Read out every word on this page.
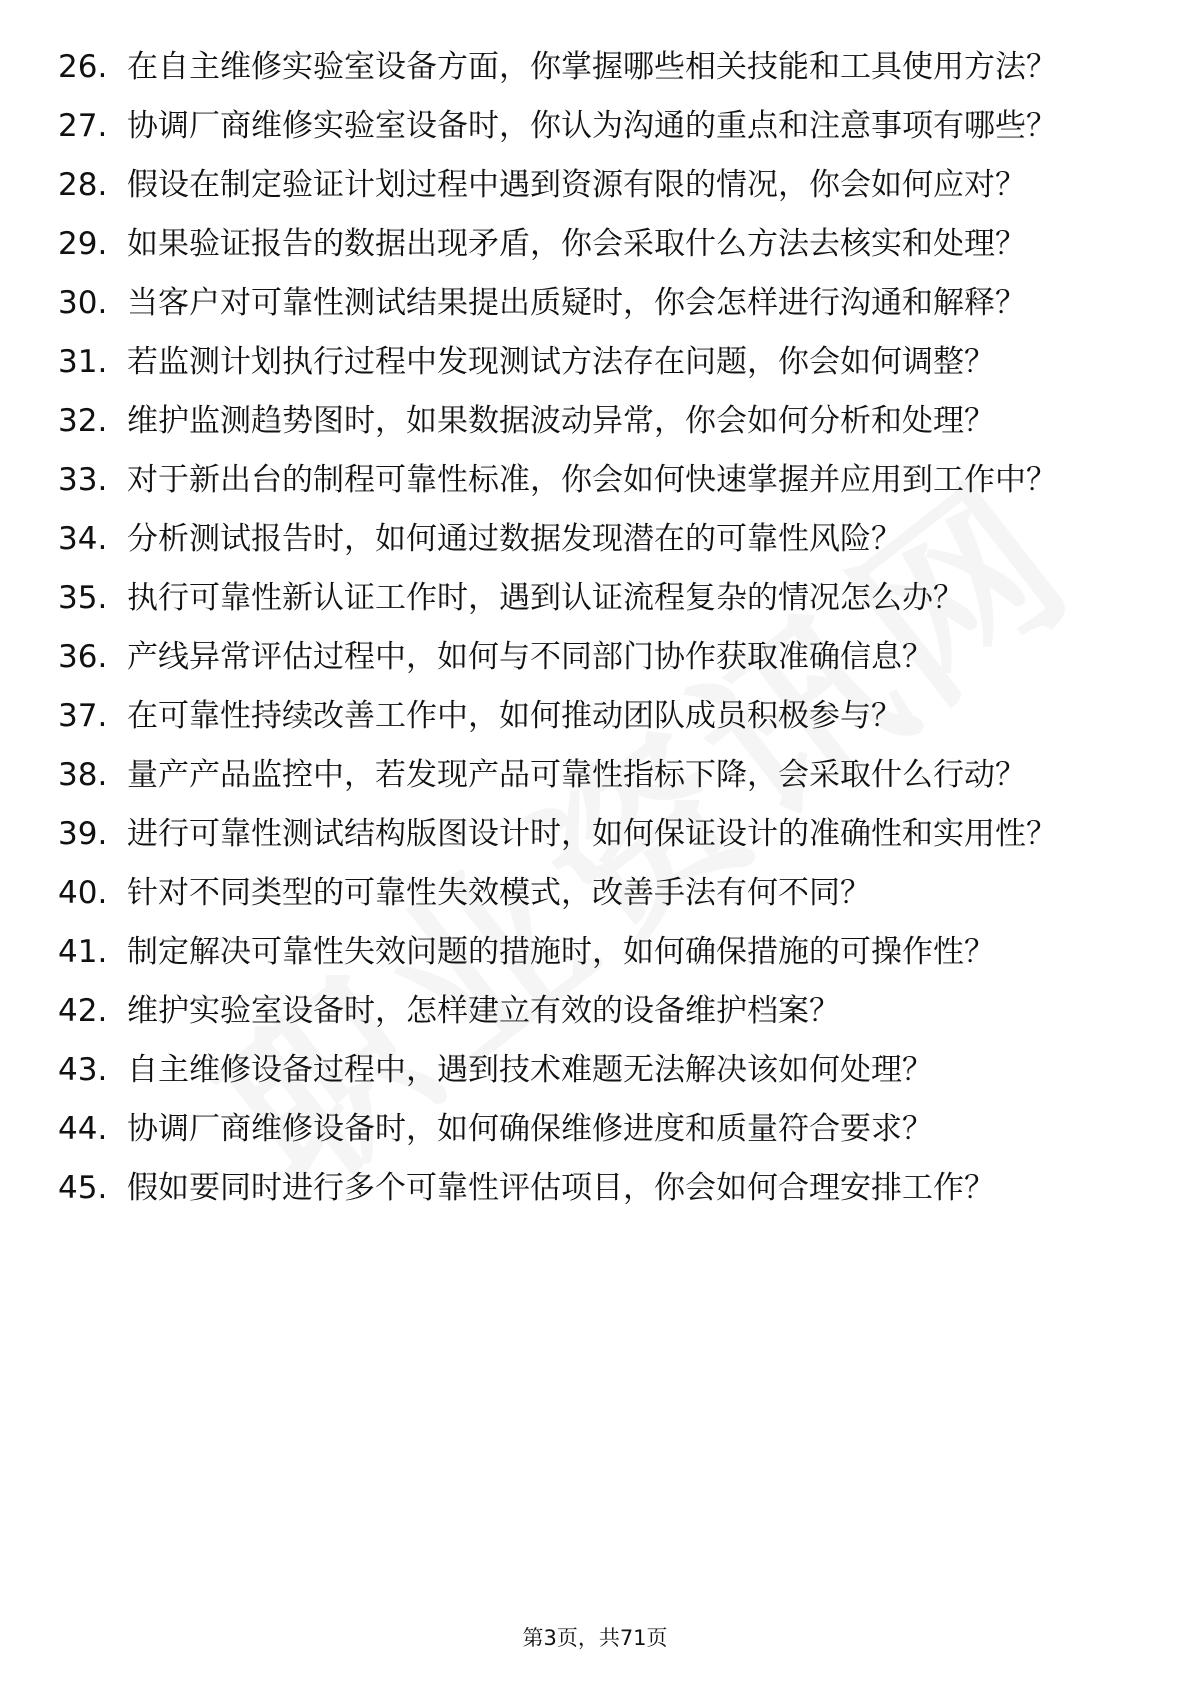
26. 在自主维修实验室设备方面，你掌握哪些相关技能和工具使用方法？
27. 协调厂商维修实验室设备时，你认为沟通的重点和注意事项有哪些？
28. 假设在制定验证计划过程中遇到资源有限的情况，你会如何应对？
29. 如果验证报告的数据出现矛盾，你会采取什么方法去核实和处理？
30. 当客户对可靠性测试结果提出质疑时，你会怎样进行沟通和解释？
31. 若监测计划执行过程中发现测试方法存在问题，你会如何调整？
32. 维护监测趋势图时，如果数据波动异常，你会如何分析和处理？
33. 对于新出台的制程可靠性标准，你会如何快速掌握并应用到工作中？
34. 分析测试报告时，如何通过数据发现潜在的可靠性风险？
35. 执行可靠性新认证工作时，遇到认证流程复杂的情况怎么办？
36. 产线异常评估过程中，如何与不同部门协作获取准确信息？
37. 在可靠性持续改善工作中，如何推动团队成员积极参与？
38. 量产产品监控中，若发现产品可靠性指标下降，会采取什么行动？
39. 进行可靠性测试结构版图设计时，如何保证设计的准确性和实用性？
40. 针对不同类型的可靠性失效模式，改善手法有何不同？
41. 制定解决可靠性失效问题的措施时，如何确保措施的可操作性？
42. 维护实验室设备时，怎样建立有效的设备维护档案？
43. 自主维修设备过程中，遇到技术难题无法解决该如何处理？
44. 协调厂商维修设备时，如何确保维修进度和质量符合要求？
45. 假如要同时进行多个可靠性评估项目，你会如何合理安排工作？
第3页，共71页
